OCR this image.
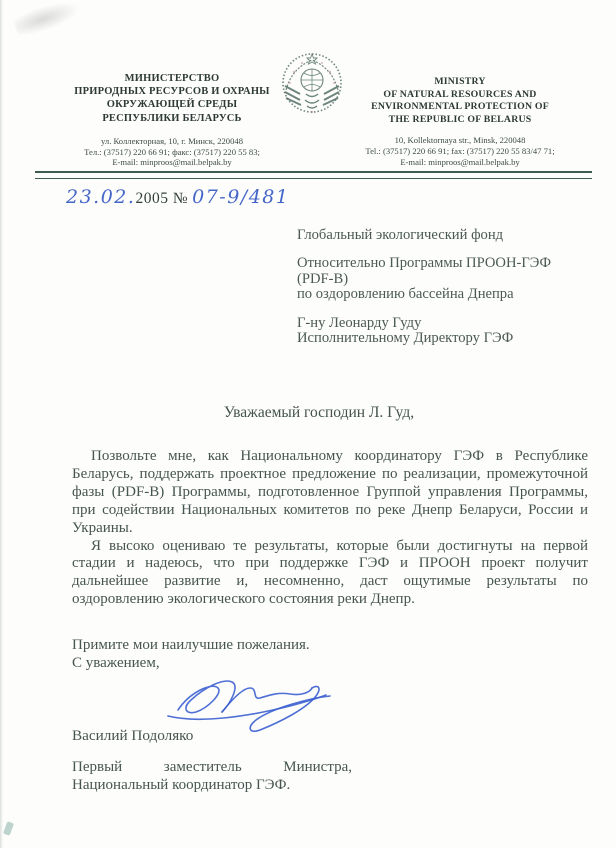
МИНИСТЕРСТВО
ПРИРОДНЫХ РЕСУРСОВ И ОХРАНЫ
ОКРУЖАЮЩЕЙ СРЕДЫ
РЕСПУБЛИКИ БЕЛАРУСЬ
ул. Коллекторная, 10, г. Минск, 220048
Тел.: (37517) 220 66 91; факс: (37517) 220 55 83;
E-mail: minproos@mail.belpak.by
MINISTRY
OF NATURAL RESOURCES AND
ENVIRONMENTAL PROTECTION OF
THE REPUBLIC OF BELARUS
10, Kollektornaya str., Minsk, 220048
Tel.: (37517) 220 66 91; fax: (37517) 220 55 83/47 71;
E-mail: minproos@mail.belpak.by
23.02.2005 № 07-9/481
Глобальный экологический фонд
Относительно Программы ПРООН-ГЭФ
(PDF-B)
по оздоровлению бассейна Днепра
Г-ну Леонарду Гуду
Исполнительному Директору ГЭФ
Уважаемый господин Л. Гуд,

Позвольте мне, как Национальному координатору ГЭФ в Республике Беларусь, поддержать проектное предложение по реализации, промежуточной фазы (PDF-B) Программы, подготовленное Группой управления Программы, при содействии Национальных комитетов по реке Днепр Беларуси, России и Украины.

Я высоко оцениваю те результаты, которые были достигнуты на первой стадии и надеюсь, что при поддержке ГЭФ и ПРООН проект получит дальнейшее развитие и, несомненно, даст ощутимые результаты по оздоровлению экологического состояния реки Днепр.

Примите мои наилучшие пожелания.
С уважением,
Василий Подоляко
Первый заместитель Министра, Национальный координатор ГЭФ.
